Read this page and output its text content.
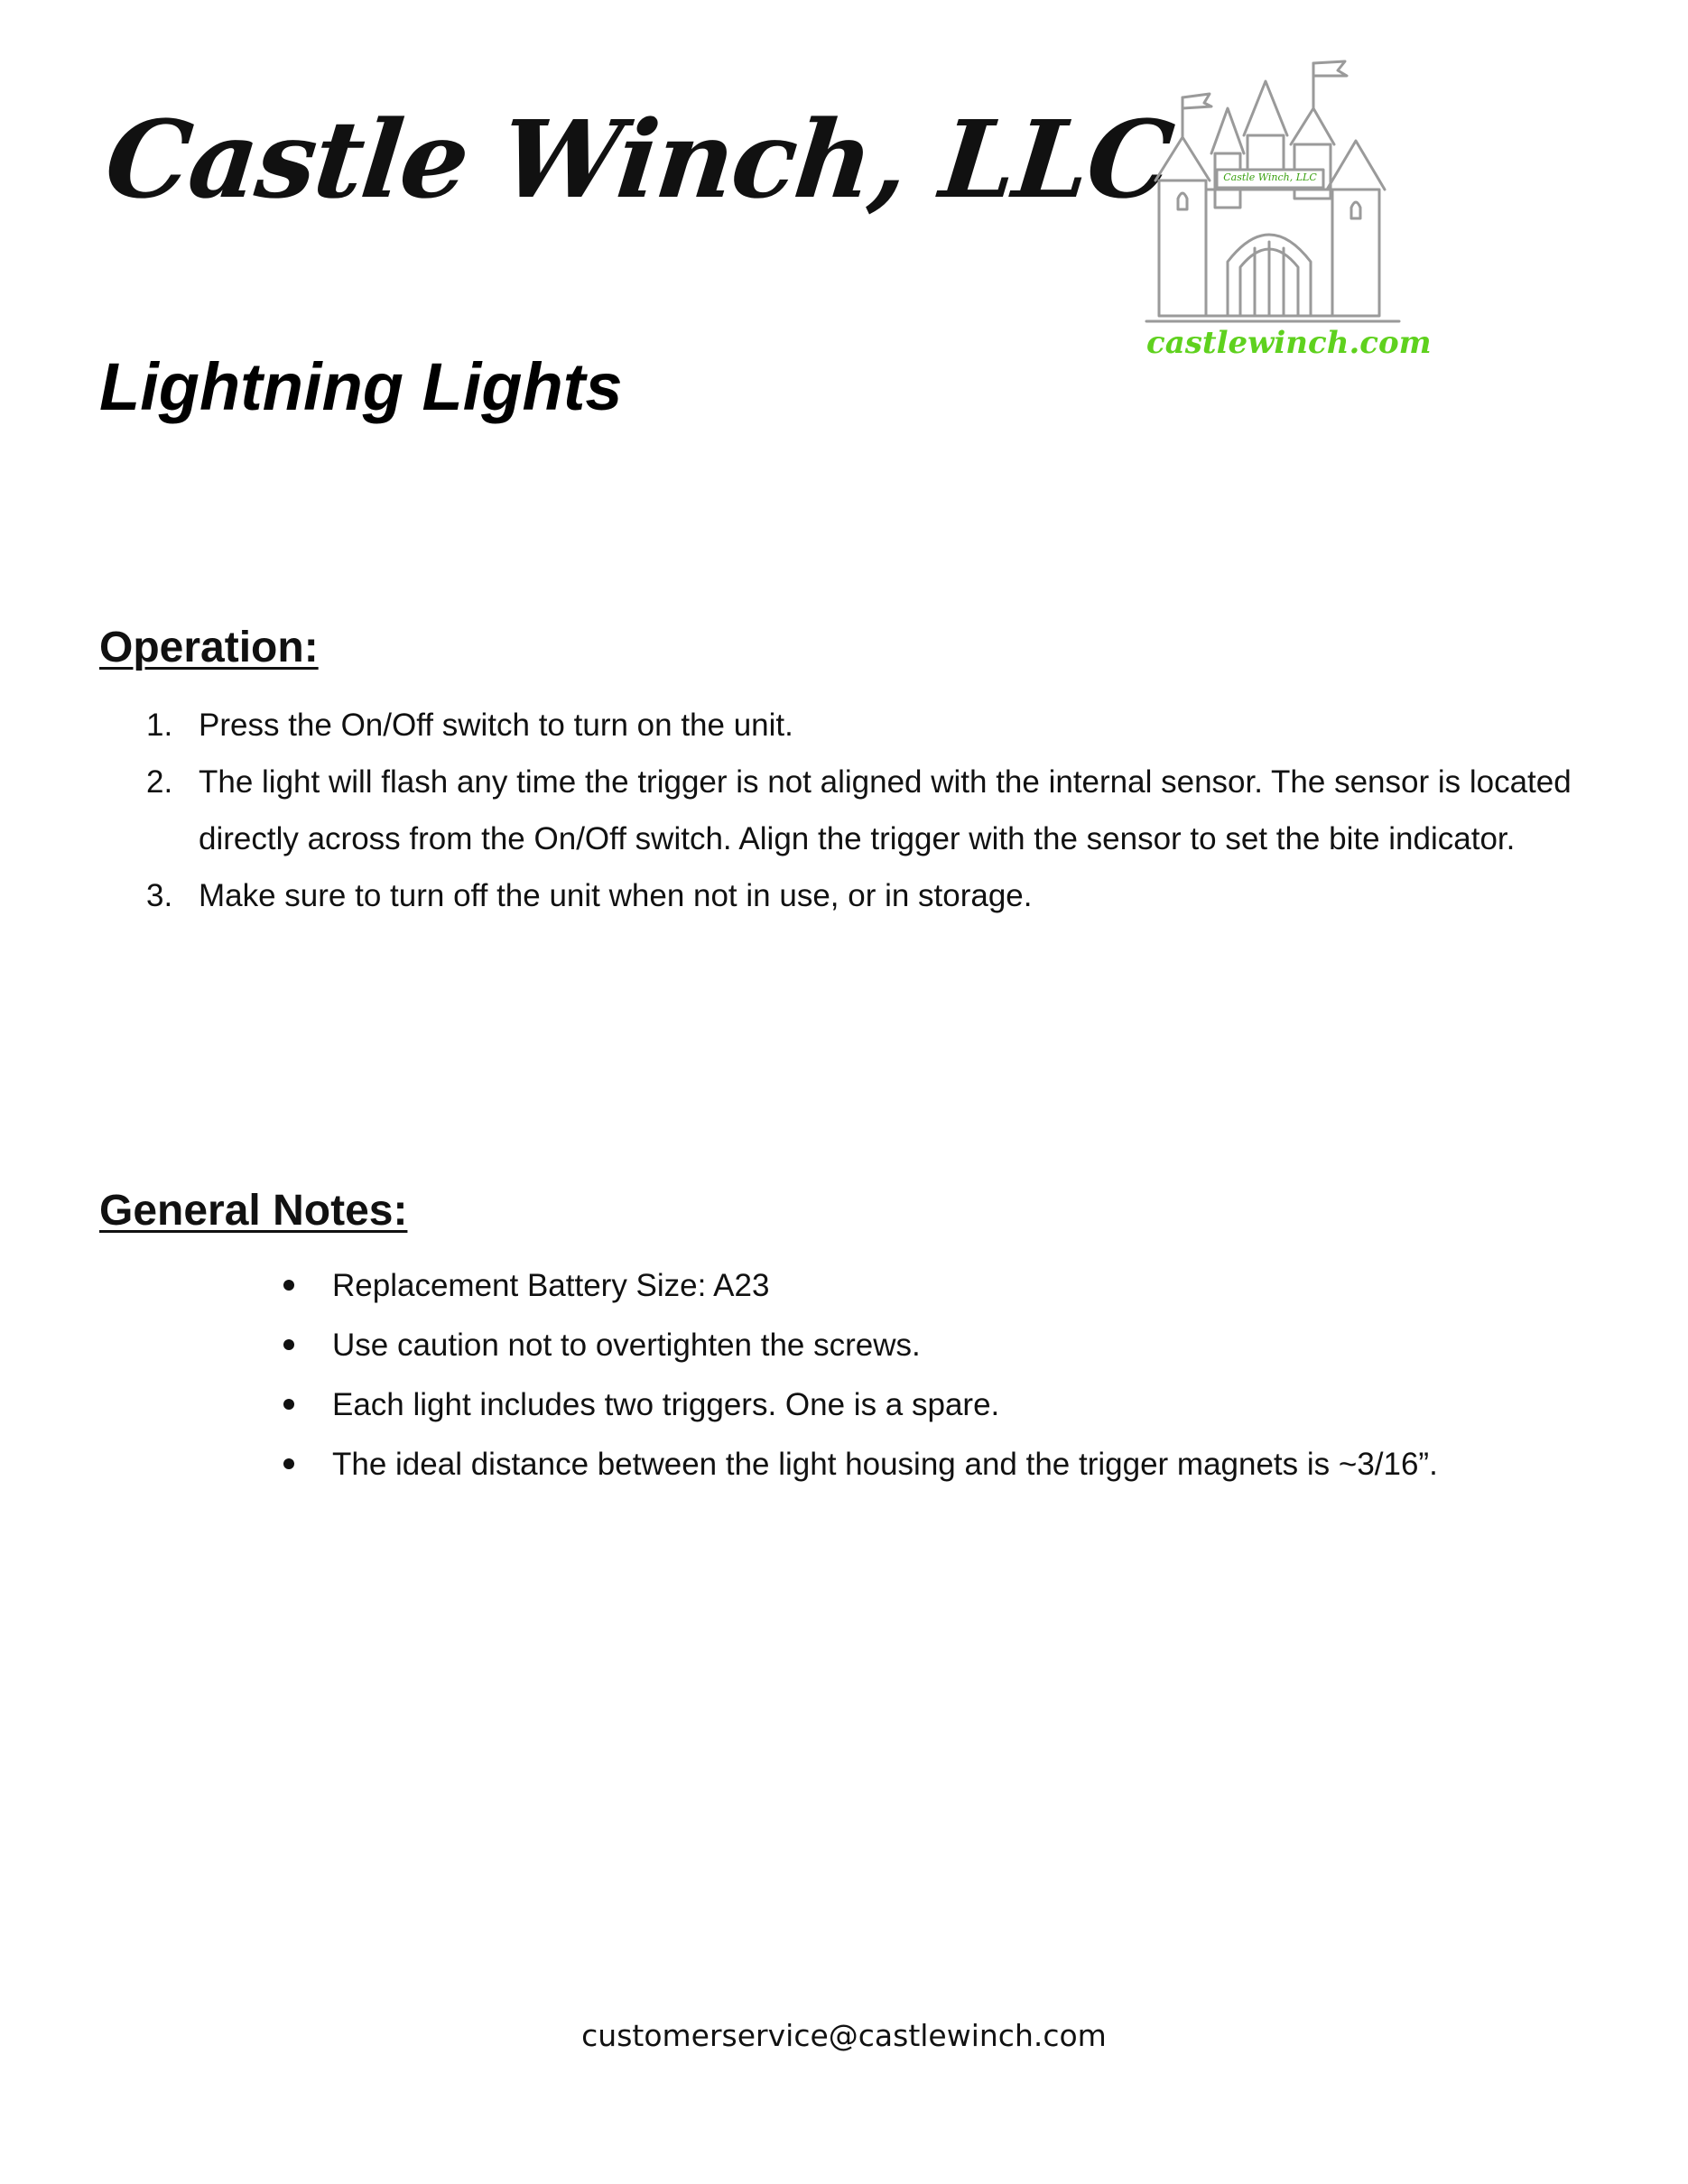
Castle Winch, LLC	Castle Winch, LLC
castlewinch.com
Lightning Lights
Operation:
1. Press the On/Off switch to turn on the unit.
2. The light will flash any time the trigger is not aligned with the internal sensor. The sensor is located directly across from the On/Off switch. Align the trigger with the sensor to set the bite indicator.
3. Make sure to turn off the unit when not in use, or in storage.
General Notes:
Replacement Battery Size: A23
Use caution not to overtighten the screws.
Each light includes two triggers. One is a spare.
The ideal distance between the light housing and the trigger magnets is ~3/16”.
customerservice@castlewinch.com
